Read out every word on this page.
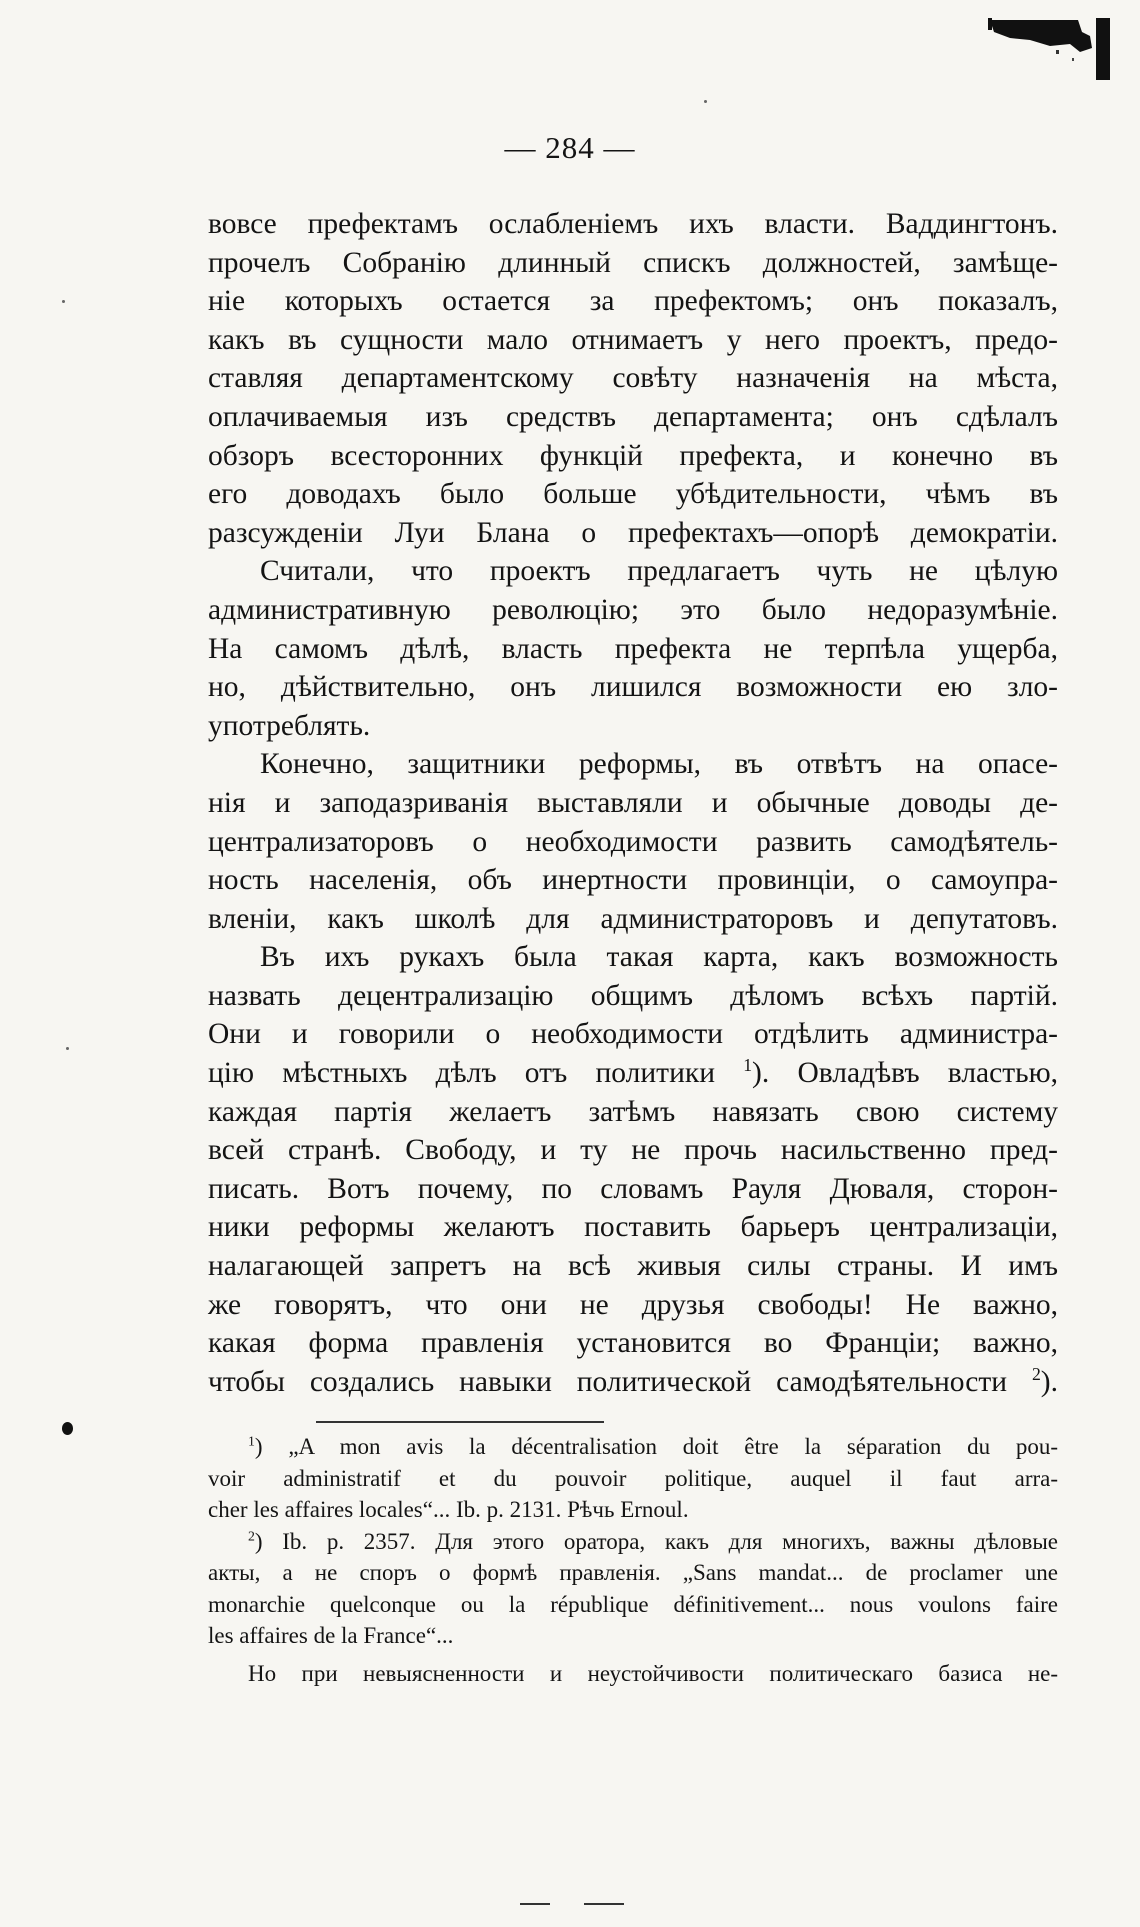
— 284 —
вовсе префектамъ ослабленіемъ ихъ власти. Ваддингтонъ.
прочелъ Собранію длинный спискъ должностей, замѣще-
ніе которыхъ остается за префектомъ; онъ показалъ,
какъ въ сущности мало отнимаетъ у него проектъ, предо-
ставляя департаментскому совѣту назначенія на мѣста,
оплачиваемыя изъ средствъ департамента; онъ сдѣлалъ
обзоръ всесторонних функцій префекта, и конечно въ
его доводахъ было больше убѣдительности, чѣмъ въ
разсужденіи Луи Блана о префектахъ—опорѣ демократіи.
Считали, что проектъ предлагаетъ чуть не цѣлую
административную революцію; это было недоразумѣніе.
На самомъ дѣлѣ, власть префекта не терпѣла ущерба,
но, дѣйствительно, онъ лишился возможности ею зло-
употреблять.
Конечно, защитники реформы, въ отвѣтъ на опасе-
нія и заподазриванія выставляли и обычные доводы де-
централизаторовъ о необходимости развить самодѣятель-
ность населенія, объ инертности провинціи, о самоупра-
вленіи, какъ школѣ для администраторовъ и депутатовъ.
Въ ихъ рукахъ была такая карта, какъ возможность
назвать децентрализацію общимъ дѣломъ всѣхъ партій.
Они и говорили о необходимости отдѣлить администра-
цію мѣстныхъ дѣлъ отъ политики $^1$). Овладѣвъ властью,
каждая партія желаетъ затѣмъ навязать свою систему
всей странѣ. Свободу, и ту не прочь насильственно пред-
писать. Вотъ почему, по словамъ Рауля Дюваля, сторон-
ники реформы желаютъ поставить барьеръ централизаціи,
налагающей запретъ на всѣ живыя силы страны. И имъ
же говорятъ, что они не друзья свободы! Не важно,
какая форма правленія установится во Франціи; важно,
чтобы создались навыки политической самодѣятельности $^2$).
$^1$) „A mon avis la décentralisation doit être la séparation du pou-
voir administratif et du pouvoir politique, auquel il faut arra-
cher les affaires locales“... Ib. p. 2131. Рѣчь Ernoul.
$^2$) Ib. p. 2357. Для этого оратора, какъ для многихъ, важны дѣловые
акты, а не споръ о формѣ правленія. „Sans mandat... de proclamer une
monarchie quelconque ou la république définitivement... nous voulons faire
les affaires de la France“...
Но при невыясненности и неустойчивости политическаго базиса не-
